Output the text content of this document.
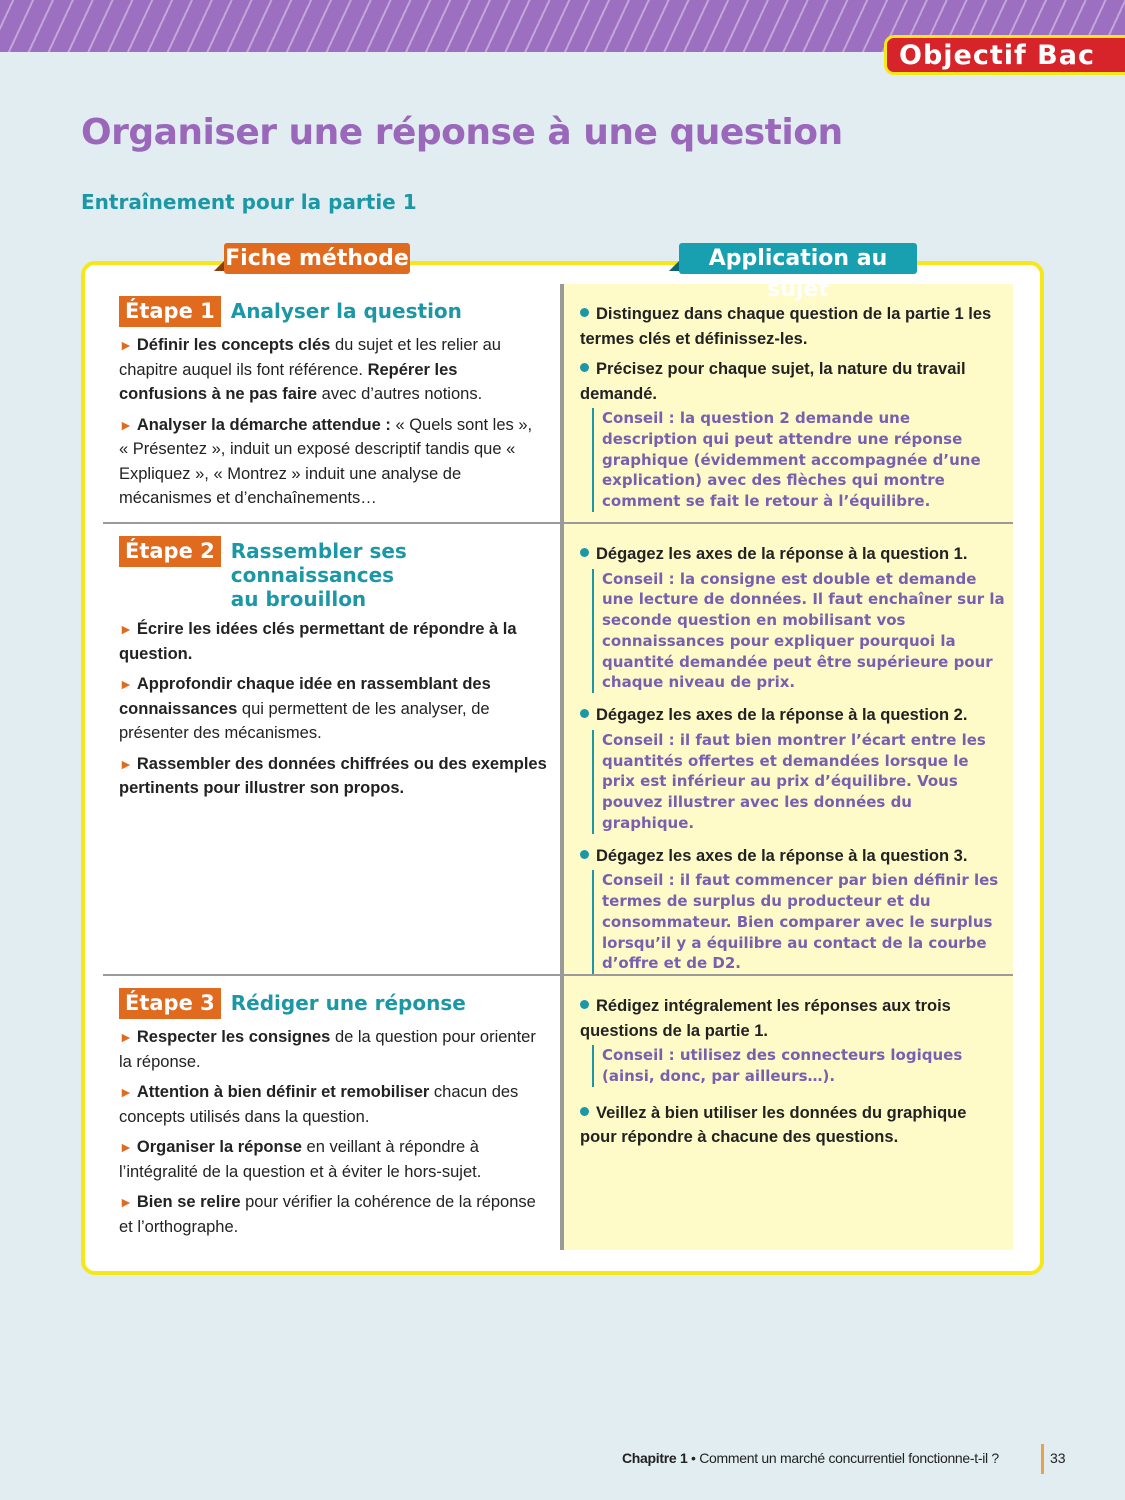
Objectif Bac
Organiser une réponse à une question
Entraînement pour la partie 1
Fiche méthode	Application au sujet
Étape 1 Analyser la question
► Définir les concepts clés du sujet et les relier au chapitre auquel ils font référence. Repérer les confusions à ne pas faire avec d’autres notions.
► Analyser la démarche attendue : « Quels sont les », « Présentez », induit un exposé descriptif tandis que « Expliquez », « Montrez » induit une analyse de mécanismes et d’enchaînements…
Étape 2 Rassembler ses connaissances
au brouillon
► Écrire les idées clés permettant de répondre à la question.
► Approfondir chaque idée en rassemblant des connaissances qui permettent de les analyser, de présenter des mécanismes.
► Rassembler des données chiffrées ou des exemples pertinents pour illustrer son propos.
Étape 3 Rédiger une réponse
► Respecter les consignes de la question pour orienter la réponse.
► Attention à bien définir et remobiliser chacun des concepts utilisés dans la question.
► Organiser la réponse en veillant à répondre à l’intégralité de la question et à éviter le hors-sujet.
► Bien se relire pour vérifier la cohérence de la réponse et l’orthographe.
Distinguez dans chaque question de la partie 1 les termes clés et définissez-les.
Précisez pour chaque sujet, la nature du travail demandé.
Conseil : la question 2 demande une description qui peut attendre une réponse graphique (évidemment accompagnée d’une explication) avec des flèches qui montre comment se fait le retour à l’équilibre.
Dégagez les axes de la réponse à la question 1.
Conseil : la consigne est double et demande une lecture de données. Il faut enchaîner sur la seconde question en mobilisant vos connaissances pour expliquer pourquoi la quantité demandée peut être supérieure pour chaque niveau de prix.
Dégagez les axes de la réponse à la question 2.
Conseil : il faut bien montrer l’écart entre les quantités offertes et demandées lorsque le prix est inférieur au prix d’équilibre. Vous pouvez illustrer avec les données du graphique.
Dégagez les axes de la réponse à la question 3.
Conseil : il faut commencer par bien définir les termes de surplus du producteur et du consommateur. Bien comparer avec le surplus lorsqu’il y a équilibre au contact de la courbe d’offre et de D2.
Rédigez intégralement les réponses aux trois questions de la partie 1.
Conseil : utilisez des connecteurs logiques (ainsi, donc, par ailleurs…).
Veillez à bien utiliser les données du graphique pour répondre à chacune des questions.
Chapitre 1 • Comment un marché concurrentiel fonctionne-t-il ?	33
